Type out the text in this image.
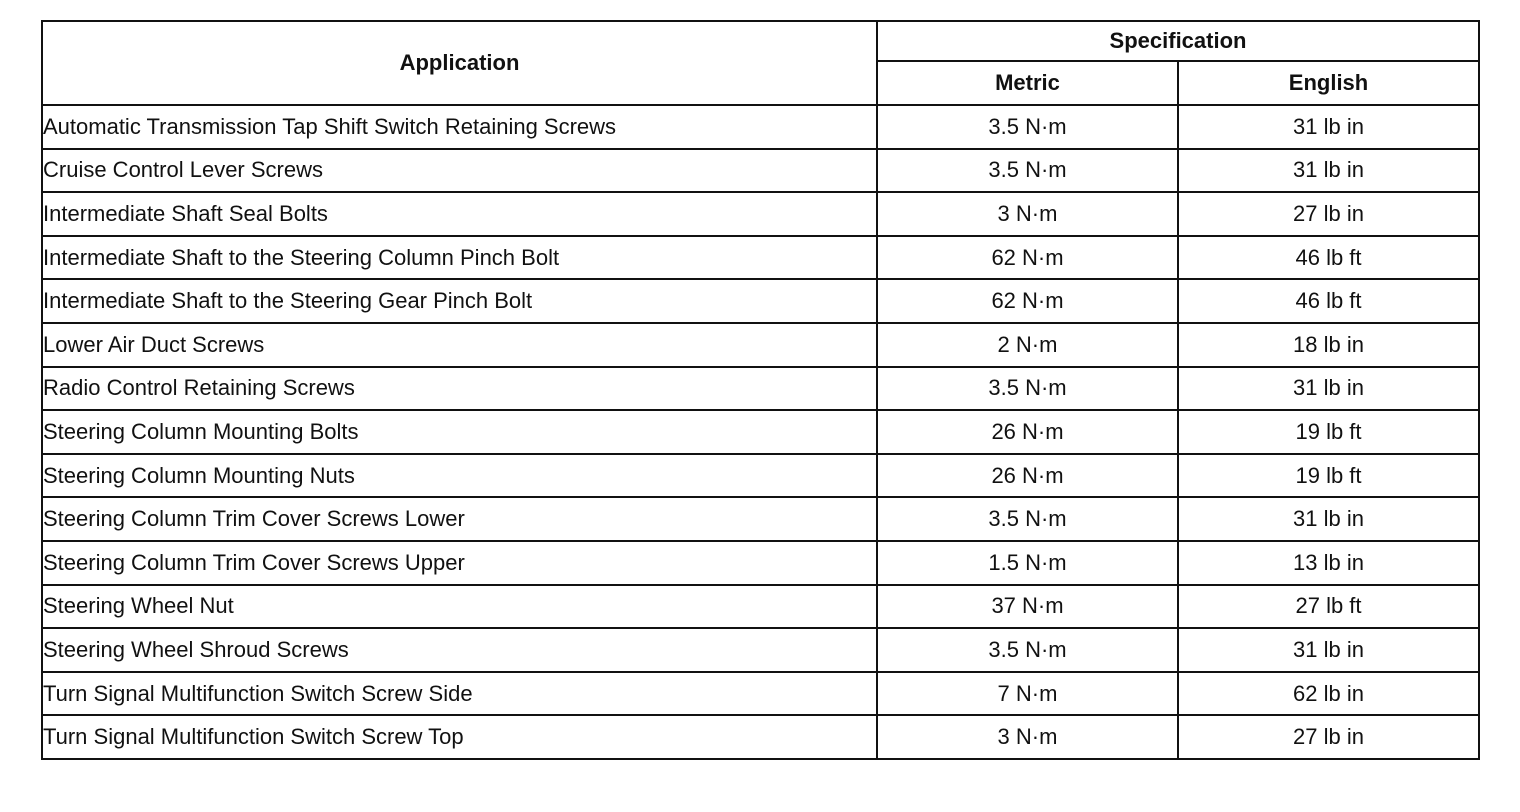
Application	Specification	
	Metric	English
Automatic Transmission Tap Shift Switch Retaining Screws	3.5 N·m	31 lb in
Cruise Control Lever Screws	3.5 N·m	31 lb in
Intermediate Shaft Seal Bolts	3 N·m	27 lb in
Intermediate Shaft to the Steering Column Pinch Bolt	62 N·m	46 lb ft
Intermediate Shaft to the Steering Gear Pinch Bolt	62 N·m	46 lb ft
Lower Air Duct Screws	2 N·m	18 lb in
Radio Control Retaining Screws	3.5 N·m	31 lb in
Steering Column Mounting Bolts	26 N·m	19 lb ft
Steering Column Mounting Nuts	26 N·m	19 lb ft
Steering Column Trim Cover Screws Lower	3.5 N·m	31 lb in
Steering Column Trim Cover Screws Upper	1.5 N·m	13 lb in
Steering Wheel Nut	37 N·m	27 lb ft
Steering Wheel Shroud Screws	3.5 N·m	31 lb in
Turn Signal Multifunction Switch Screw Side	7 N·m	62 lb in
Turn Signal Multifunction Switch Screw Top	3 N·m	27 lb in
